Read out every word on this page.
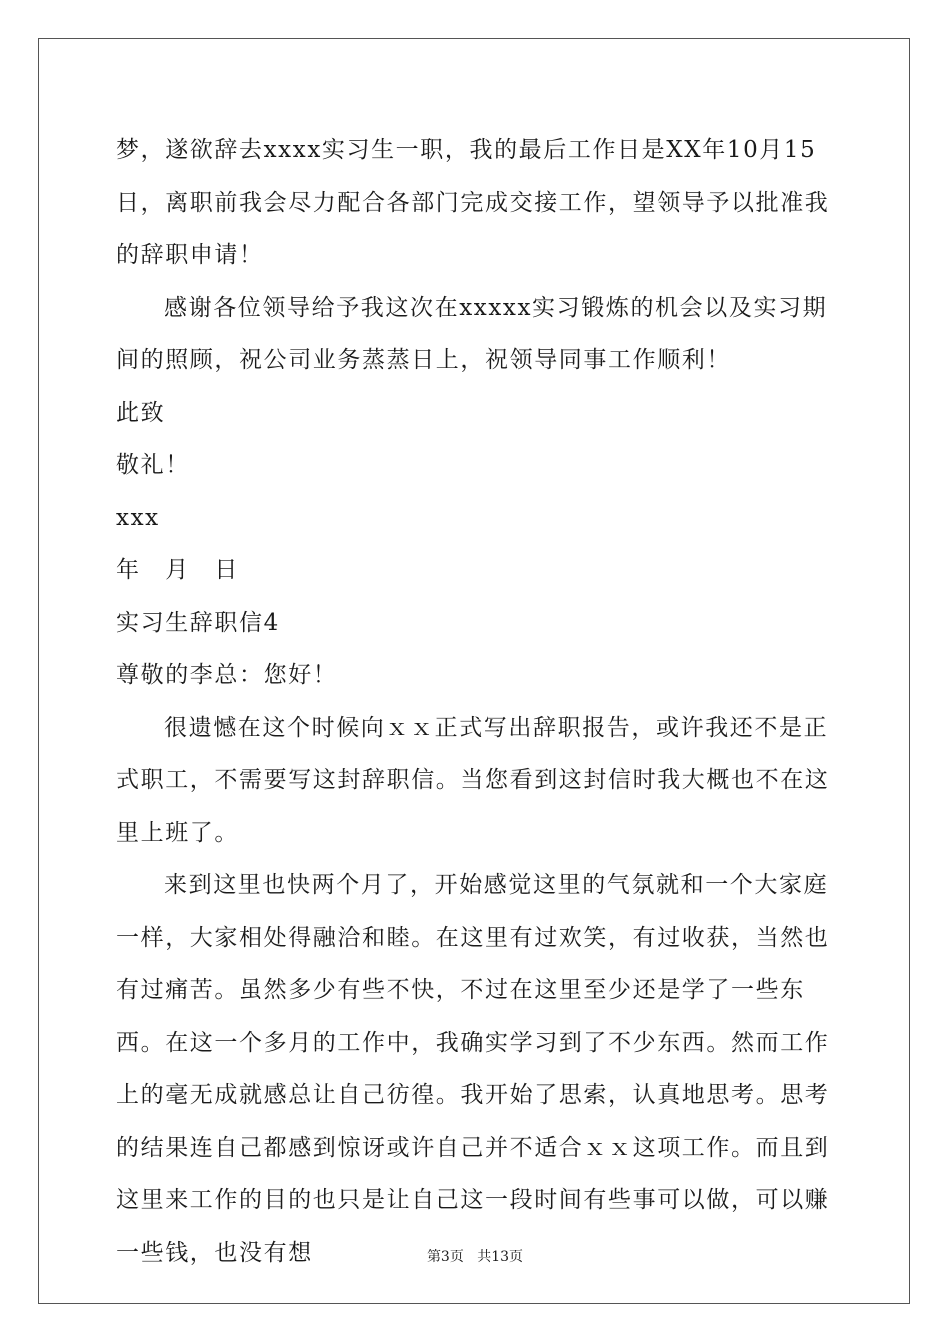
梦，遂欲辞去xxxx实习生一职，我的最后工作日是XX年10月15日，离职前我会尽力配合各部门完成交接工作，望领导予以批准我的辞职申请！

感谢各位领导给予我这次在xxxxx实习锻炼的机会以及实习期间的照顾，祝公司业务蒸蒸日上，祝领导同事工作顺利！

此致

敬礼！

xxx

年　月　日

实习生辞职信4

尊敬的李总：您好！

很遗憾在这个时候向ｘｘ正式写出辞职报告，或许我还不是正式职工，不需要写这封辞职信。当您看到这封信时我大概也不在这里上班了。

来到这里也快两个月了，开始感觉这里的气氛就和一个大家庭一样，大家相处得融洽和睦。在这里有过欢笑，有过收获，当然也有过痛苦。虽然多少有些不快，不过在这里至少还是学了一些东西。在这一个多月的工作中，我确实学习到了不少东西。然而工作上的毫无成就感总让自己彷徨。我开始了思索，认真地思考。思考的结果连自己都感到惊讶或许自己并不适合ｘｘ这项工作。而且到这里来工作的目的也只是让自己这一段时间有些事可以做，可以赚一些钱，也没有想	第3页 共13页
